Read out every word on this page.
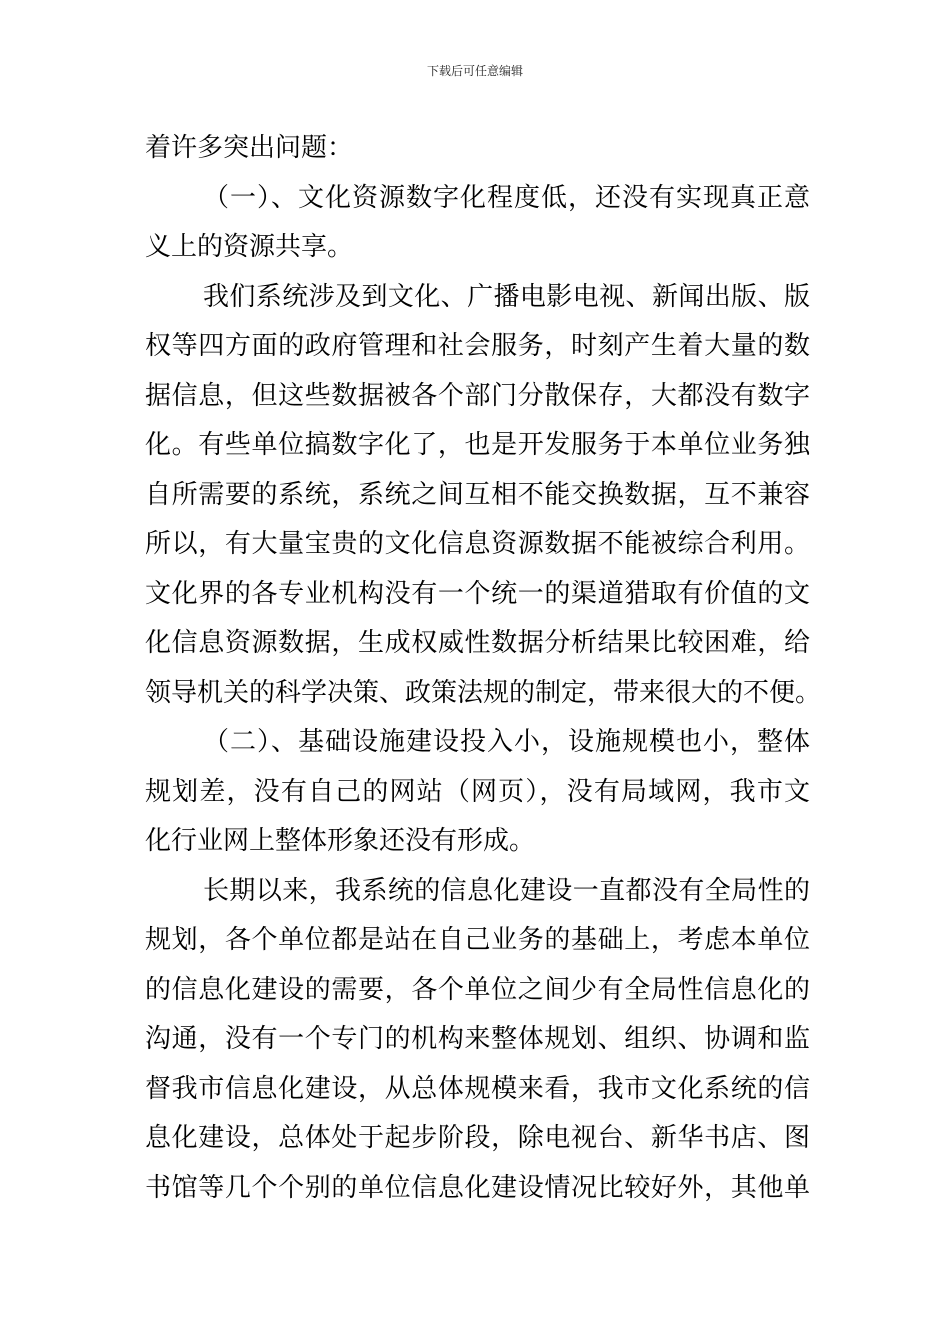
下载后可任意编辑
着许多突出问题：
（一）、文化资源数字化程度低，还没有实现真正意
义上的资源共享。
我们系统涉及到文化、广播电影电视、新闻出版、版
权等四方面的政府管理和社会服务，时刻产生着大量的数
据信息，但这些数据被各个部门分散保存，大都没有数字
化。有些单位搞数字化了，也是开发服务于本单位业务独
自所需要的系统，系统之间互相不能交换数据，互不兼容
所以，有大量宝贵的文化信息资源数据不能被综合利用。
文化界的各专业机构没有一个统一的渠道猎取有价值的文
化信息资源数据，生成权威性数据分析结果比较困难，给
领导机关的科学决策、政策法规的制定，带来很大的不便。
（二）、基础设施建设投入小，设施规模也小，整体
规划差，没有自己的网站（网页），没有局域网，我市文
化行业网上整体形象还没有形成。
长期以来，我系统的信息化建设一直都没有全局性的
规划，各个单位都是站在自己业务的基础上，考虑本单位
的信息化建设的需要，各个单位之间少有全局性信息化的
沟通，没有一个专门的机构来整体规划、组织、协调和监
督我市信息化建设，从总体规模来看，我市文化系统的信
息化建设，总体处于起步阶段，除电视台、新华书店、图
书馆等几个个别的单位信息化建设情况比较好外，其他单
